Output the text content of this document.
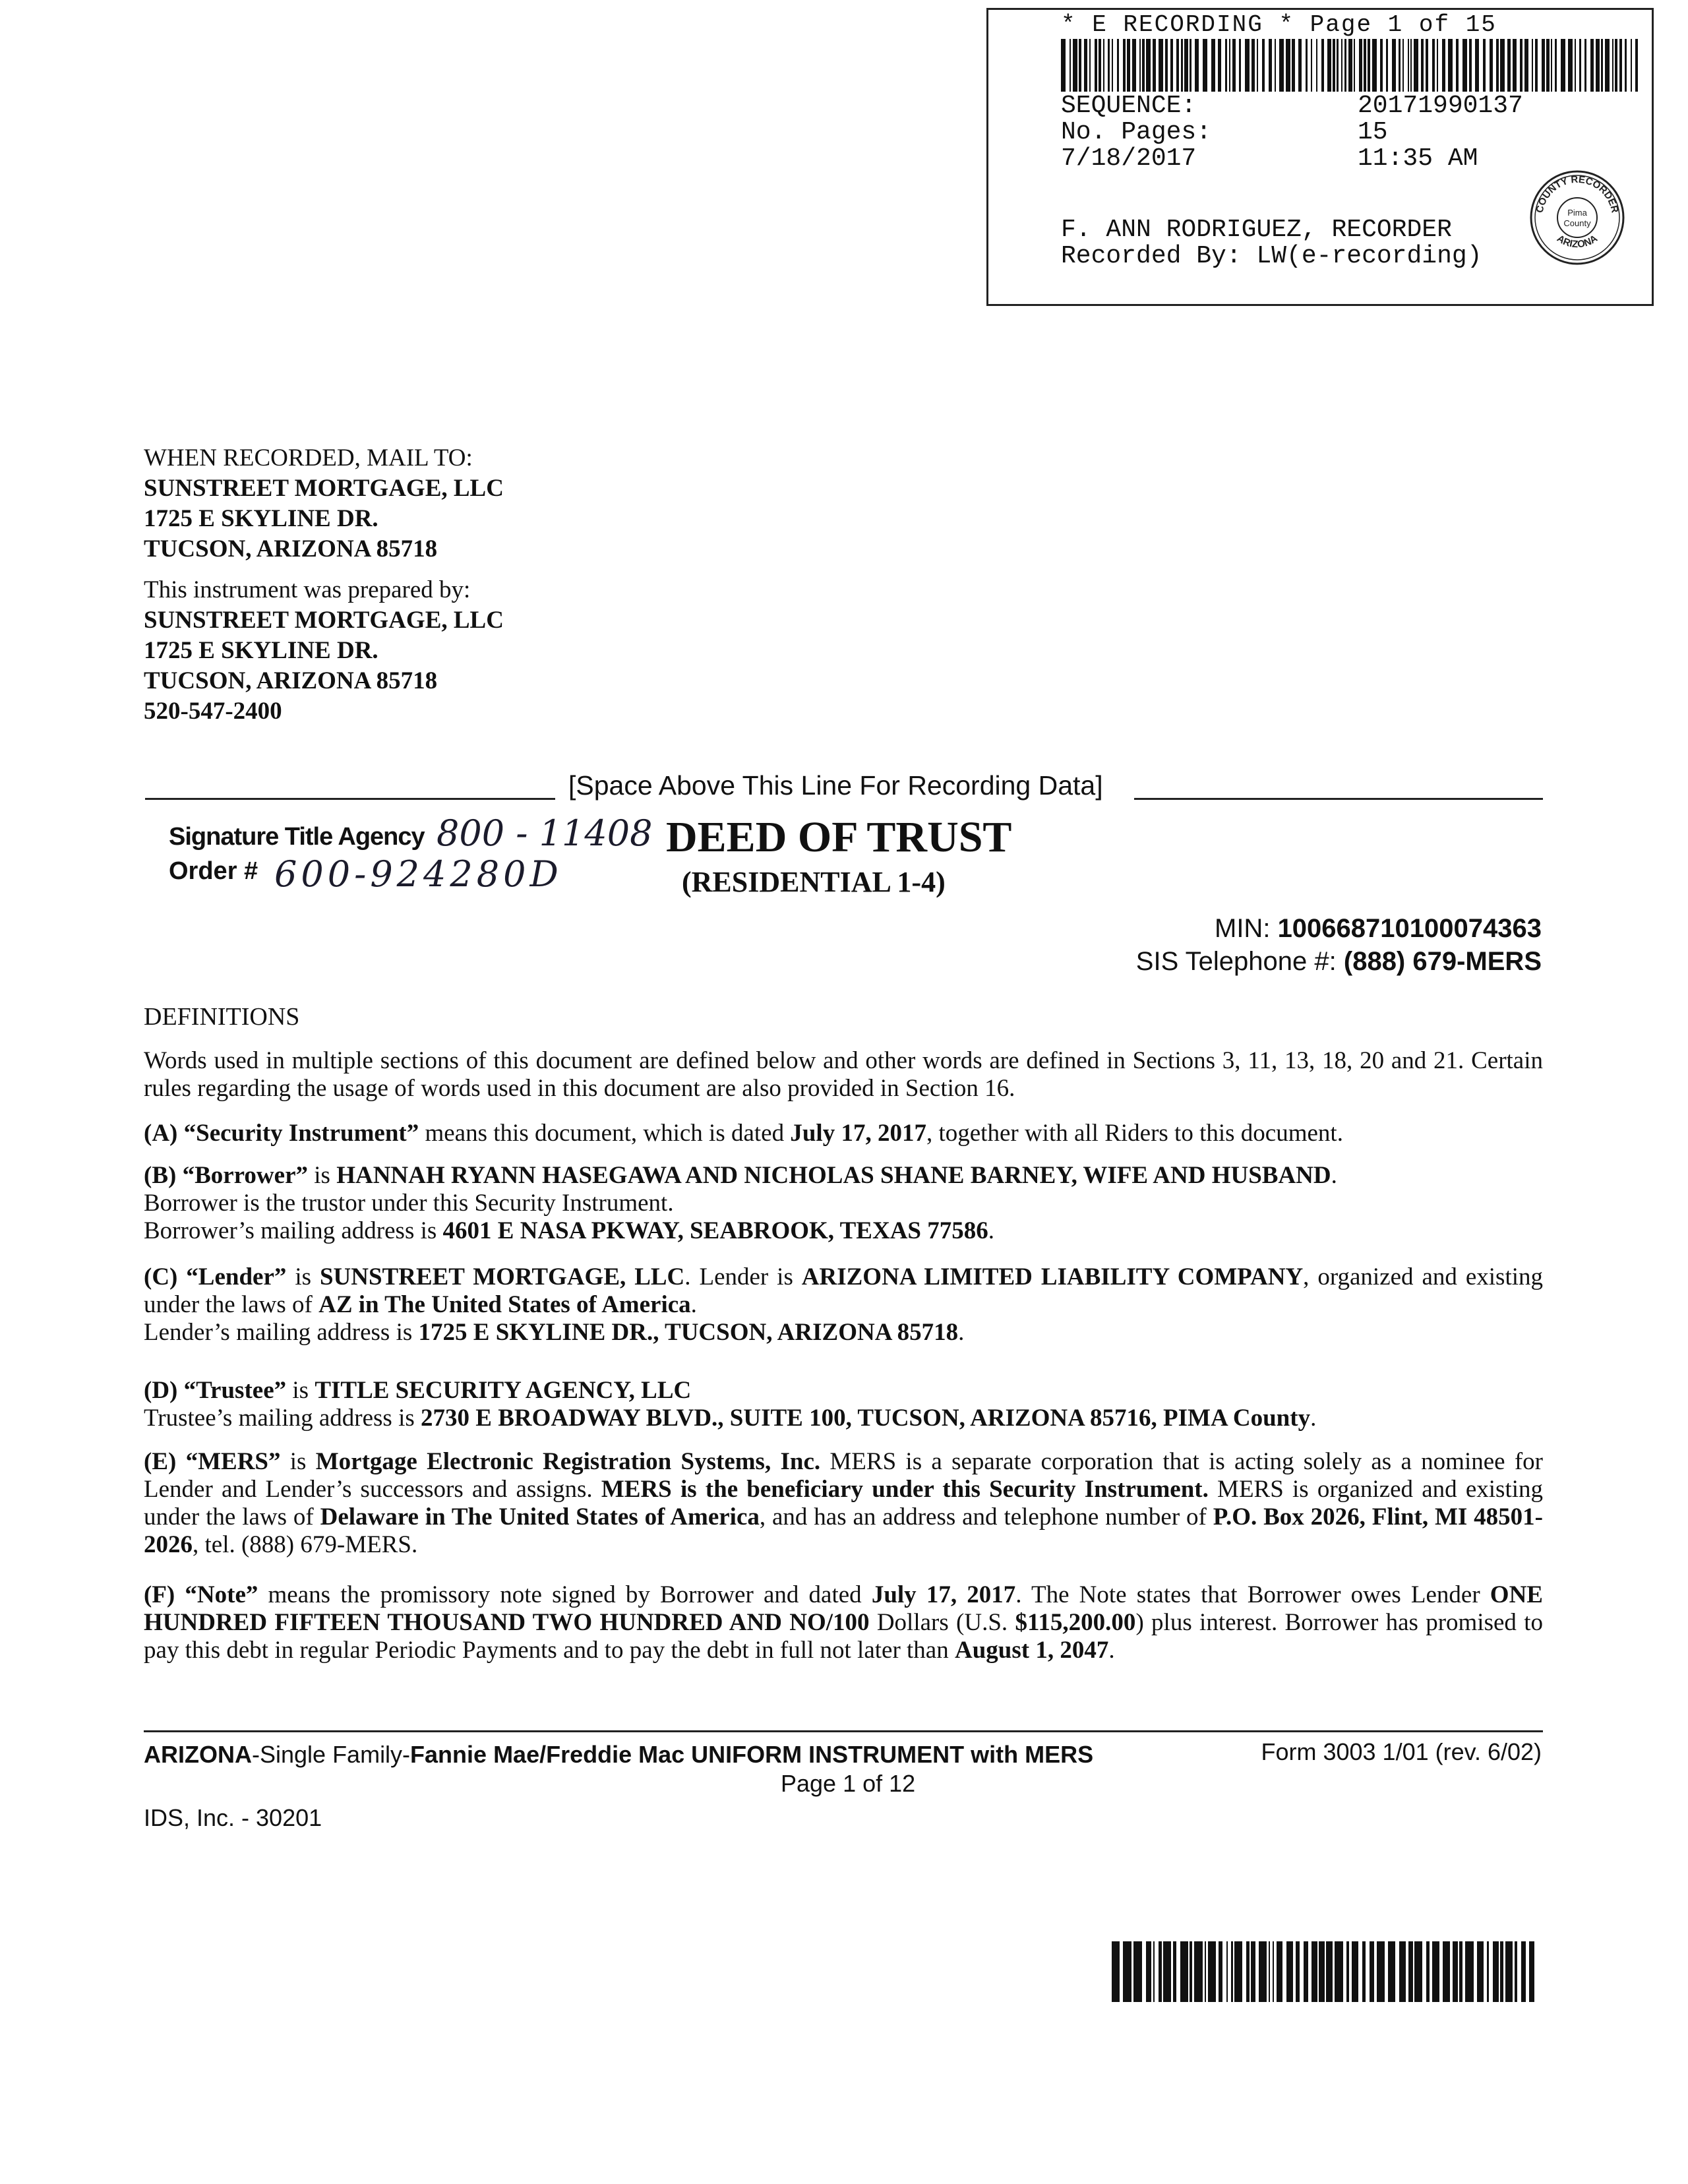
* E RECORDING * Page 1 of 15
SEQUENCE:	20171990137
No. Pages:	15
7/18/2017	11:35 AM
F. ANN RODRIGUEZ, RECORDER
Recorded By: LW(e-recording)
COUNTY RECORDER
ARIZONA
Pima
County
WHEN RECORDED, MAIL TO:
SUNSTREET MORTGAGE, LLC
1725 E SKYLINE DR.
TUCSON, ARIZONA 85718
This instrument was prepared by:
SUNSTREET MORTGAGE, LLC
1725 E SKYLINE DR.
TUCSON, ARIZONA 85718
520-547-2400
[Space Above This Line For Recording Data]
Signature Title Agency 800 - 11408
Order # 600-924280D
DEED OF TRUST
(RESIDENTIAL 1-4)
MIN: 1006687101000743​63
SIS Telephone #: (888) 679-MERS
DEFINITIONS

Words used in multiple sections of this document are defined below and other words are defined in Sections 3, 11, 13, 18, 20 and 21. Certain rules regarding the usage of words used in this document are also provided in Section 16.

(A) “Security Instrument” means this document, which is dated July 17, 2017, together with all Riders to this document.

(B) “Borrower” is HANNAH RYANN HASEGAWA AND NICHOLAS SHANE BARNEY, WIFE AND HUSBAND.

Borrower is the trustor under this Security Instrument.

Borrower’s mailing address is 4601 E NASA PKWAY, SEABROOK, TEXAS 77586.

(C) “Lender” is SUNSTREET MORTGAGE, LLC. Lender is ARIZONA LIMITED LIABILITY COMPANY, organized and existing under the laws of AZ in The United States of America.

Lender’s mailing address is 1725 E SKYLINE DR., TUCSON, ARIZONA 85718.

(D) “Trustee” is TITLE SECURITY AGENCY, LLC

Trustee’s mailing address is 2730 E BROADWAY BLVD., SUITE 100, TUCSON, ARIZONA 85716, PIMA County.

(E) “MERS” is Mortgage Electronic Registration Systems, Inc. MERS is a separate corporation that is acting solely as a nominee for Lender and Lender’s successors and assigns. MERS is the beneficiary under this Security Instrument. MERS is organized and existing under the laws of Delaware in The United States of America, and has an address and telephone number of P.O. Box 2026, Flint, MI 48501-2026, tel. (888) 679-MERS.

(F) “Note” means the promissory note signed by Borrower and dated July 17, 2017. The Note states that Borrower owes Lender ONE HUNDRED FIFTEEN THOUSAND TWO HUNDRED AND NO/100 Dollars (U.S. $115,200.00) plus interest. Borrower has promised to pay this debt in regular Periodic Payments and to pay the debt in full not later than August 1, 2047.

ARIZONA-Single Family-Fannie Mae/Freddie Mac UNIFORM INSTRUMENT with MERS	Form 3003 1/01 (rev. 6/02)
Page 1 of 12
IDS, Inc. - 30201
